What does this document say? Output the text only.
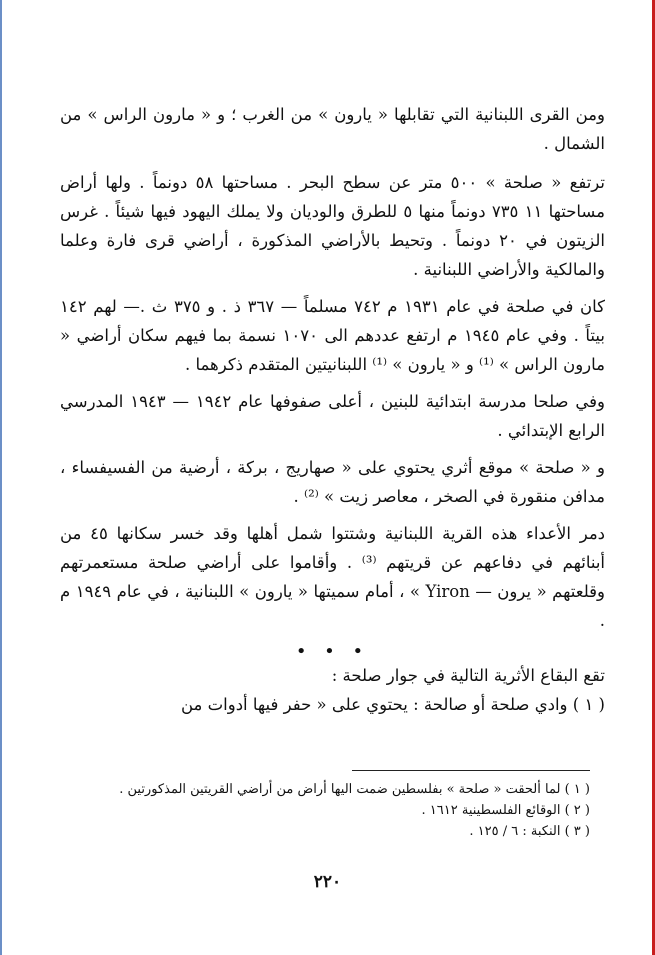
ومن القرى اللبنانية التي تقابلها « يارون » من الغرب ؛ و « مارون الراس » من الشمال .

ترتفع « صلحة » ٥٠٠ متر عن سطح البحر . مساحتها ٥٨ دونماً . ولها أراض مساحتها ١١ ٧٣٥ دونماً منها ٥ للطرق والوديان ولا يملك اليهود فيها شيئاً . غرس الزيتون في ٢٠ دونماً . وتحيط بالأراضي المذكورة ، أراضي قرى فارة وعلما والمالكية والأراضي اللبنانية .

كان في صلحة في عام ١٩٣١ م ٧٤٢ مسلماً — ٣٦٧ ذ . و ٣٧٥ ث .— لهم ١٤٢ بيتاً . وفي عام ١٩٤٥ م ارتفع عددهم الى ١٠٧٠ نسمة بما فيهم سكان أراضي « مارون الراس » ⁽¹⁾ و « يارون » ⁽¹⁾ اللبنانيتين المتقدم ذكرهما .

وفي صلحا مدرسة ابتدائية للبنين ، أعلى صفوفها عام ١٩٤٢ — ١٩٤٣ المدرسي الرابع الإبتدائي .

و « صلحة » موقع أثري يحتوي على « صهاريج ، بركة ، أرضية من الفسيفساء ، مدافن منقورة في الصخر ، معاصر زيت » ⁽²⁾ .

دمر الأعداء هذه القرية اللبنانية وشتتوا شمل أهلها وقد خسر سكانها ٤٥ من أبنائهم في دفاعهم عن قريتهم ⁽³⁾ . وأقاموا على أراضي صلحة مستعمرتهم وقلعتهم « يرون — Yiron » ، أمام سميتها « يارون » اللبنانية ، في عام ١٩٤٩ م .

• • •
تقع البقاع الأثرية التالية في جوار صلحة :
( ١ ) وادي صلحة أو صالحة : يحتوي على « حفر فيها أدوات من
( ١ ) لما ألحقت « صلحة » بفلسطين ضمت اليها أراض من أراضي القريتين المذكورتين .
( ٢ ) الوقائع الفلسطينية ١٦١٢ .
( ٣ ) النكبة : ٦ / ١٢٥ .
٢٢٠
